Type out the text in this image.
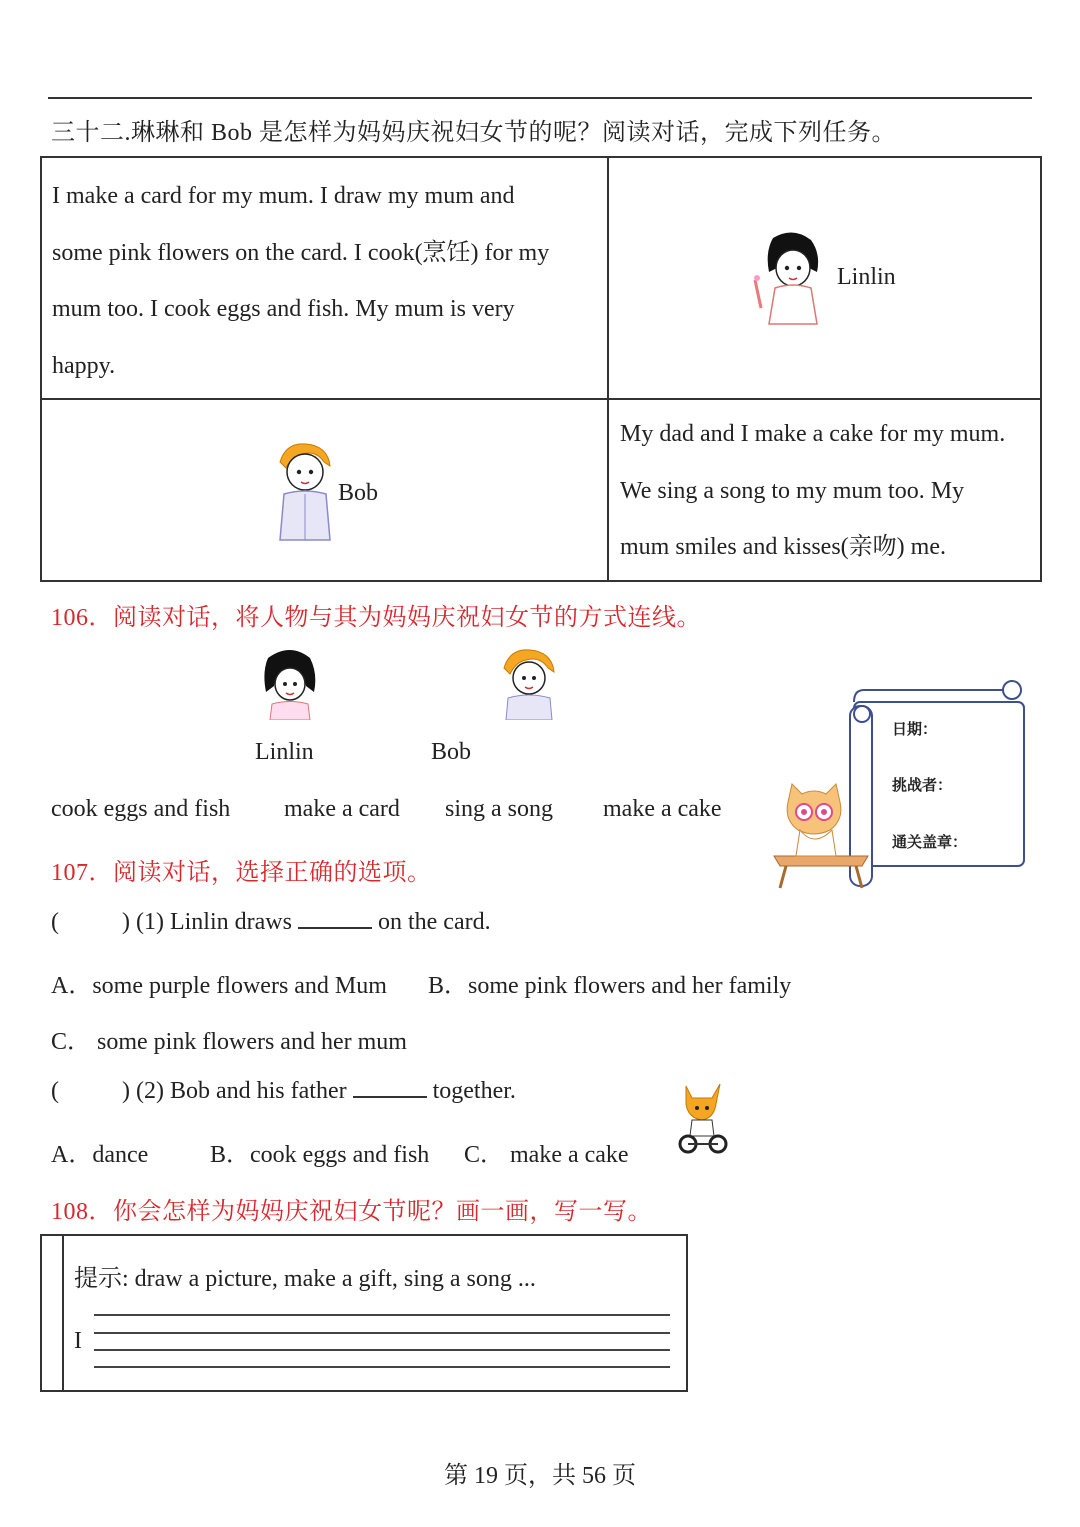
三十二.琳琳和 Bob 是怎样为妈妈庆祝妇女节的呢？阅读对话，完成下列任务。
I make a card for my mum. I draw my mum and
some pink flowers on the card. I cook(烹饪) for my
mum too. I cook eggs and fish. My mum is very
happy.	Linlin

Bob	My dad and I make a cake for my mum.
We sing a song to my mum too. My
mum smiles and kisses(亲吻) me.
106．阅读对话，将人物与其为妈妈庆祝妇女节的方式连线。
Linlin	Bob
cook eggs and fish make a card sing a song make a cake
日期：
挑战者：
通关盖章：
107．阅读对话，选择正确的选项。
(	) (1) Linlin draws	on the card.
A．some purple flowers and Mum B．some pink flowers and her family
C． some pink flowers and her mum
(	) (2) Bob and his father	together.
A．dance	B．cook eggs and fish C． make a cake
108．你会怎样为妈妈庆祝妇女节呢？画一画，写一写。
提示: draw a picture, make a gift, sing a song ...
I
第 19 页，共 56 页
